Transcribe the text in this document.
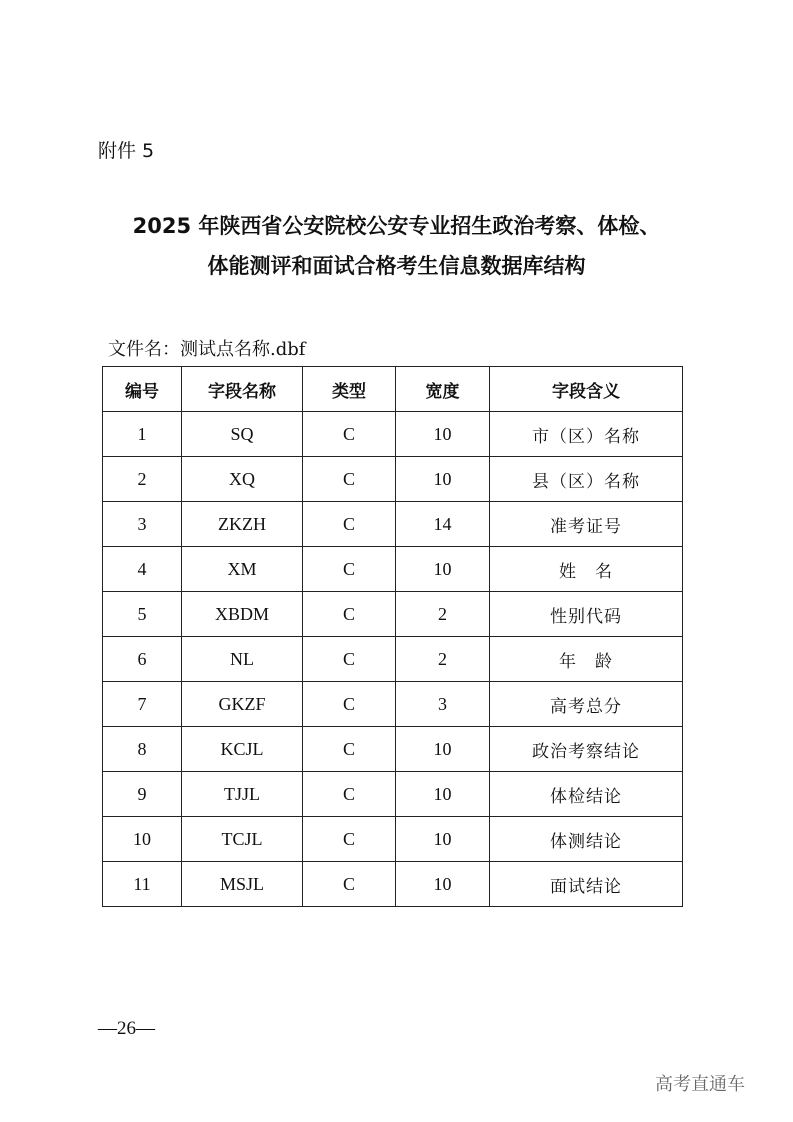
附件 5
2025 年陕西省公安院校公安专业招生政治考察、体检、
体能测评和面试合格考生信息数据库结构
文件名：测试点名称.dbf
编号	字段名称	类型	宽度	字段含义
1	SQ	C	10	市（区）名称
2	XQ	C	10	县（区）名称
3	ZKZH	C	14	准考证号
4	XM	C	10	姓　名
5	XBDM	C	2	性别代码
6	NL	C	2	年　龄
7	GKZF	C	3	高考总分
8	KCJL	C	10	政治考察结论
9	TJJL	C	10	体检结论
10	TCJL	C	10	体测结论
11	MSJL	C	10	面试结论
—26—
高考直通车
